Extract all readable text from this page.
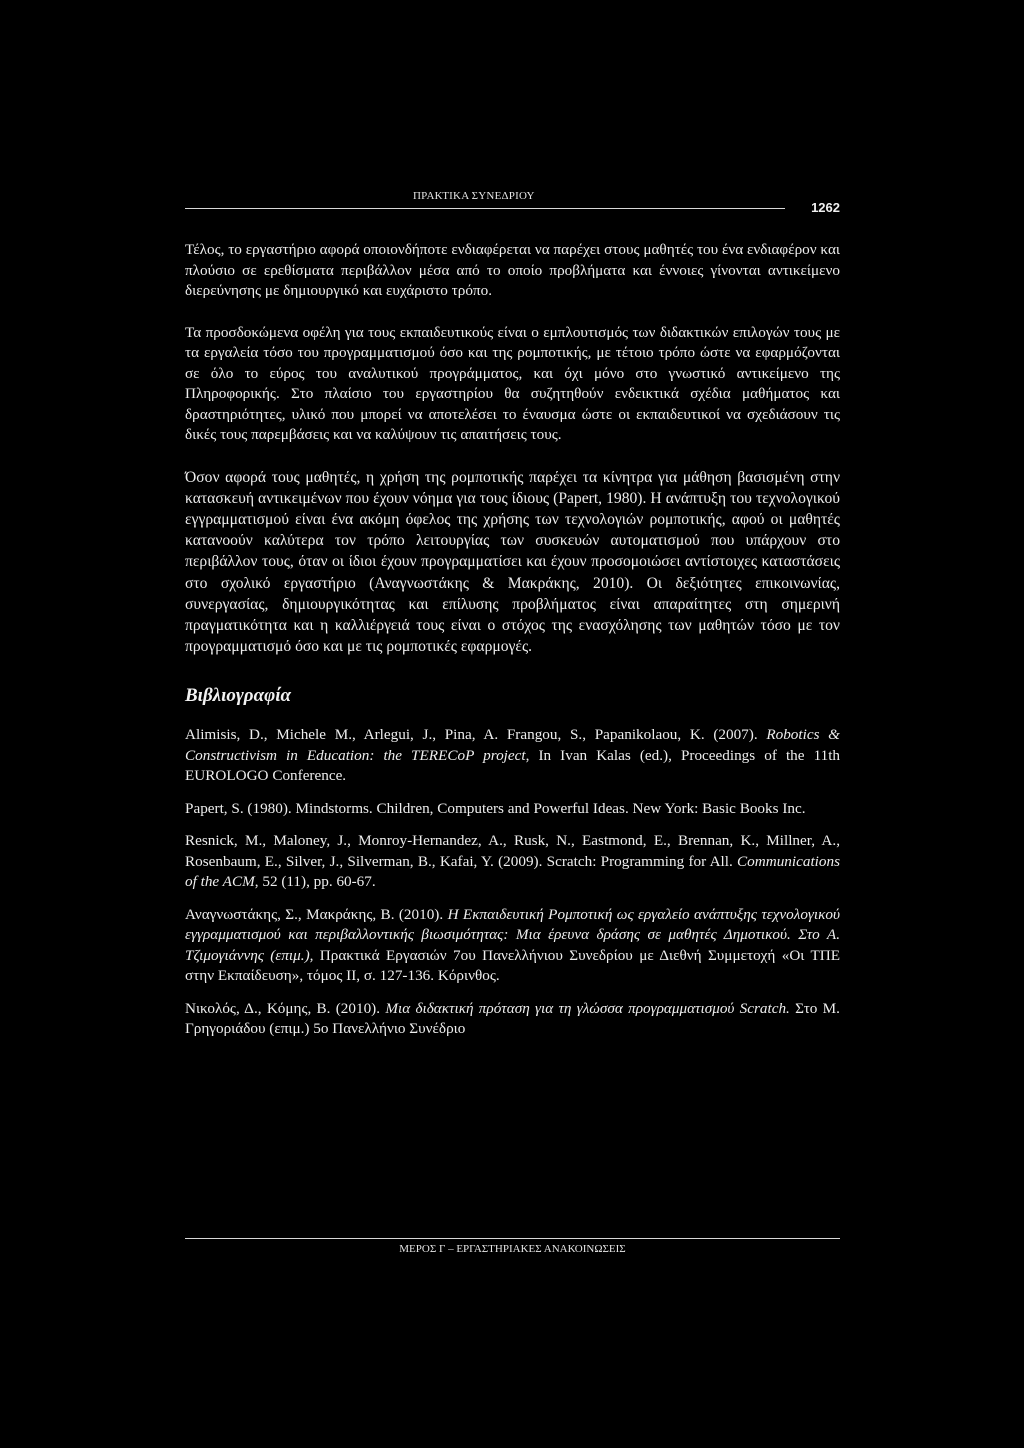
ΠΡΑΚΤΙΚΑ ΣΥΝΕΔΡΙΟΥ
1262

Τέλος, το εργαστήριο αφορά οποιονδήποτε ενδιαφέρεται να παρέχει στους μαθητές του ένα ενδιαφέρον και πλούσιο σε ερεθίσματα περιβάλλον μέσα από το οποίο προβλήματα και έννοιες γίνονται αντικείμενο διερεύνησης με δημιουργικό και ευχάριστο τρόπο.

Τα προσδοκώμενα οφέλη για τους εκπαιδευτικούς είναι ο εμπλουτισμός των διδακτικών επιλογών τους με τα εργαλεία τόσο του προγραμματισμού όσο και της ρομποτικής, με τέτοιο τρόπο ώστε να εφαρμόζονται σε όλο το εύρος του αναλυτικού προγράμματος, και όχι μόνο στο γνωστικό αντικείμενο της Πληροφορικής. Στο πλαίσιο του εργαστηρίου θα συζητηθούν ενδεικτικά σχέδια μαθήματος και δραστηριότητες, υλικό που μπορεί να αποτελέσει το έναυσμα ώστε οι εκπαιδευτικοί να σχεδιάσουν τις δικές τους παρεμβάσεις και να καλύψουν τις απαιτήσεις τους.

Όσον αφορά τους μαθητές, η χρήση της ρομποτικής παρέχει τα κίνητρα για μάθηση βασισμένη στην κατασκευή αντικειμένων που έχουν νόημα για τους ίδιους (Papert, 1980). Η ανάπτυξη του τεχνολογικού εγγραμματισμού είναι ένα ακόμη όφελος της χρήσης των τεχνολογιών ρομποτικής, αφού οι μαθητές κατανοούν καλύτερα τον τρόπο λειτουργίας των συσκευών αυτοματισμού που υπάρχουν στο περιβάλλον τους, όταν οι ίδιοι έχουν προγραμματίσει και έχουν προσομοιώσει αντίστοιχες καταστάσεις στο σχολικό εργαστήριο (Αναγνωστάκης & Μακράκης, 2010). Οι δεξιότητες επικοινωνίας, συνεργασίας, δημιουργικότητας και επίλυσης προβλήματος είναι απαραίτητες στη σημερινή πραγματικότητα και η καλλιέργειά τους είναι ο στόχος της ενασχόλησης των μαθητών τόσο με τον προγραμματισμό όσο και με τις ρομποτικές εφαρμογές.

Βιβλιογραφία

Alimisis, D., Michele M., Arlegui, J., Pina, A. Frangou, S., Papanikolaou, K. (2007). Robotics & Constructivism in Education: the TERECoP project, In Ivan Kalas (ed.), Proceedings of the 11th EUROLOGO Conference.

Papert, S. (1980). Mindstorms. Children, Computers and Powerful Ideas. New York: Basic Books Inc.

Resnick, M., Maloney, J., Monroy-Hernandez, A., Rusk, N., Eastmond, E., Brennan, K., Millner, A., Rosenbaum, E., Silver, J., Silverman, B., Kafai, Y. (2009). Scratch: Programming for All. Communications of the ACM, 52 (11), pp. 60-67.

Αναγνωστάκης, Σ., Μακράκης, Β. (2010). Η Εκπαιδευτική Ρομποτική ως εργαλείο ανάπτυξης τεχνολογικού εγγραμματισμού και περιβαλλοντικής βιωσιμότητας: Μια έρευνα δράσης σε μαθητές Δημοτικού. Στο Α. Τζιμογιάννης (επιμ.), Πρακτικά Εργασιών 7ου Πανελλήνιου Συνεδρίου με Διεθνή Συμμετοχή «Οι ΤΠΕ στην Εκπαίδευση», τόμος ΙΙ, σ. 127-136. Κόρινθος.

Νικολός, Δ., Κόμης, Β. (2010). Μια διδακτική πρόταση για τη γλώσσα προγραμματισμού Scratch. Στο Μ. Γρηγοριάδου (επιμ.) 5ο Πανελλήνιο Συνέδριο

ΜΕΡΟΣ Γ – ΕΡΓΑΣΤΗΡΙΑΚΕΣ ΑΝΑΚΟΙΝΩΣΕΙΣ
